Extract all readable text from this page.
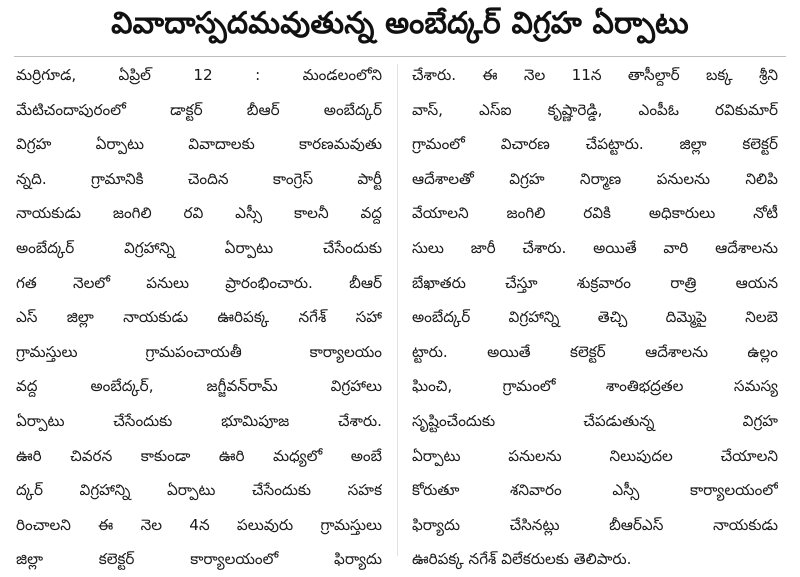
వివాదాస్పదమవుతున్న అంబేద్కర్ విగ్రహ ఏర్పాటు
మర్రిగూడ, ఏప్రిల్ 12 : మండలంలోని
మేటిచందాపురంలో డాక్టర్ బీఆర్ అంబేద్కర్
విగ్రహ ఏర్పాటు వివాదాలకు కారణమవుతు
న్నది. గ్రామానికి చెందిన కాంగ్రెస్ పార్టీ
నాయకుడు జంగిలి రవి ఎస్సీ కాలనీ వద్ద
అంబేద్కర్ విగ్రహాన్ని ఏర్పాటు చేసేందుకు
గత నెలలో పనులు ప్రారంభించారు. బీఆర్
ఎస్ జిల్లా నాయకుడు ఊరిపక్క నగేశ్ సహా
గ్రామస్తులు గ్రామపంచాయతీ కార్యాలయం
వద్ద అంబేద్కర్, జగ్జీవన్‌రామ్ విగ్రహాలు
ఏర్పాటు చేసేందుకు భూమిపూజ చేశారు.
ఊరి చివరన కాకుండా ఊరి మధ్యలో అంబే
ద్కర్ విగ్రహాన్ని ఏర్పాటు చేసేందుకు సహక
రించాలని ఈ నెల 4న పలువురు గ్రామస్తులు
జిల్లా కలెక్టర్ కార్యాలయంలో ఫిర్యాదు
చేశారు. ఈ నెల 11న తాసీల్దార్ బక్క శ్రీని
వాస్, ఎస్ఐ కృష్ణారెడ్డి, ఎంపీఓ రవికుమార్
గ్రామంలో విచారణ చేపట్టారు. జిల్లా కలెక్టర్
ఆదేశాలతో విగ్రహ నిర్మాణ పనులను నిలిపి
వేయాలని జంగిలి రవికి అధికారులు నోటీ
సులు జారీ చేశారు. అయితే వారి ఆదేశాలను
బేఖాతరు చేస్తూ శుక్రవారం రాత్రి ఆయన
అంబేద్కర్ విగ్రహాన్ని తెచ్చి దిమ్మెపై నిలబె
ట్టారు. అయితే కలెక్టర్ ఆదేశాలను ఉల్లం
ఘించి, గ్రామంలో శాంతిభద్రతల సమస్య
సృష్టించేందుకు చేపడుతున్న విగ్రహ
ఏర్పాటు పనులను నిలుపుదల చేయాలని
కోరుతూ శనివారం ఎస్సీ కార్యాలయంలో
ఫిర్యాదు చేసినట్లు బీఆర్ఎస్ నాయకుడు
ఊరిపక్క నగేశ్ విలేకరులకు తెలిపారు.
